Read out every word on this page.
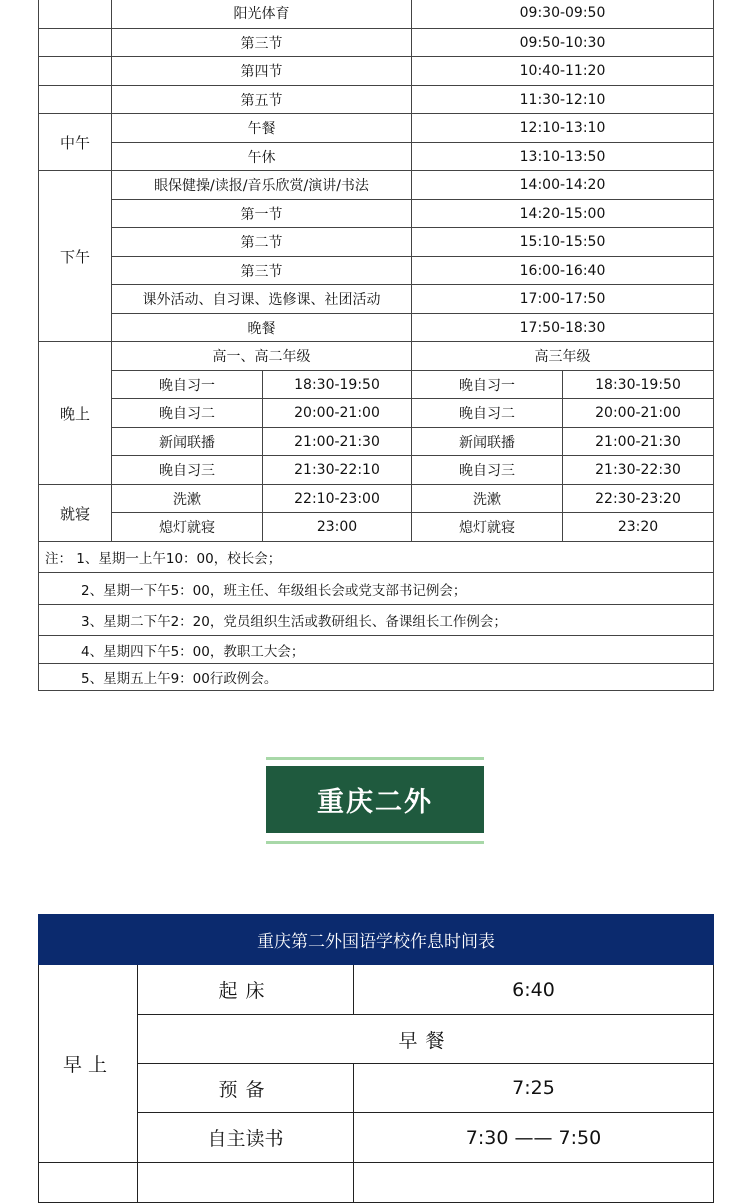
	阳光体育		09:30-09:50	
	第三节		09:50-10:30	
	第四节		10:40-11:20	
	第五节		11:30-12:10	
中午	午餐		12:10-13:10	
	午休		13:10-13:50	
下午	眼保健操/读报/音乐欣赏/演讲/书法		14:00-14:20	
	第一节		14:20-15:00	
	第二节		15:10-15:50	
	第三节		16:00-16:40	
	课外活动、自习课、选修课、社团活动		17:00-17:50	
	晚餐		17:50-18:30	
晚上	高一、高二年级		高三年级	
	晚自习一	18:30-19:50	晚自习一	18:30-19:50
	晚自习二	20:00-21:00	晚自习二	20:00-21:00
	新闻联播	21:00-21:30	新闻联播	21:00-21:30
	晚自习三	21:30-22:10	晚自习三	21:30-22:30
就寝	洗漱	22:10-23:00	洗漱	22:30-23:20
	熄灯就寝	23:00	熄灯就寝	23:20
注： 1、星期一上午10：00，校长会；				
2、星期一下午5：00，班主任、年级组长会或党支部书记例会；				
3、星期二下午2：20，党员组织生活或教研组长、备课组长工作例会；				
4、星期四下午5：00，教职工大会；				
5、星期五上午9：00行政例会。				
重庆二外
重庆第二外国语学校作息时间表		
早上	起床	6:40
	早餐	
	预备	7:25
	自主读书	7:30 —— 7:50
